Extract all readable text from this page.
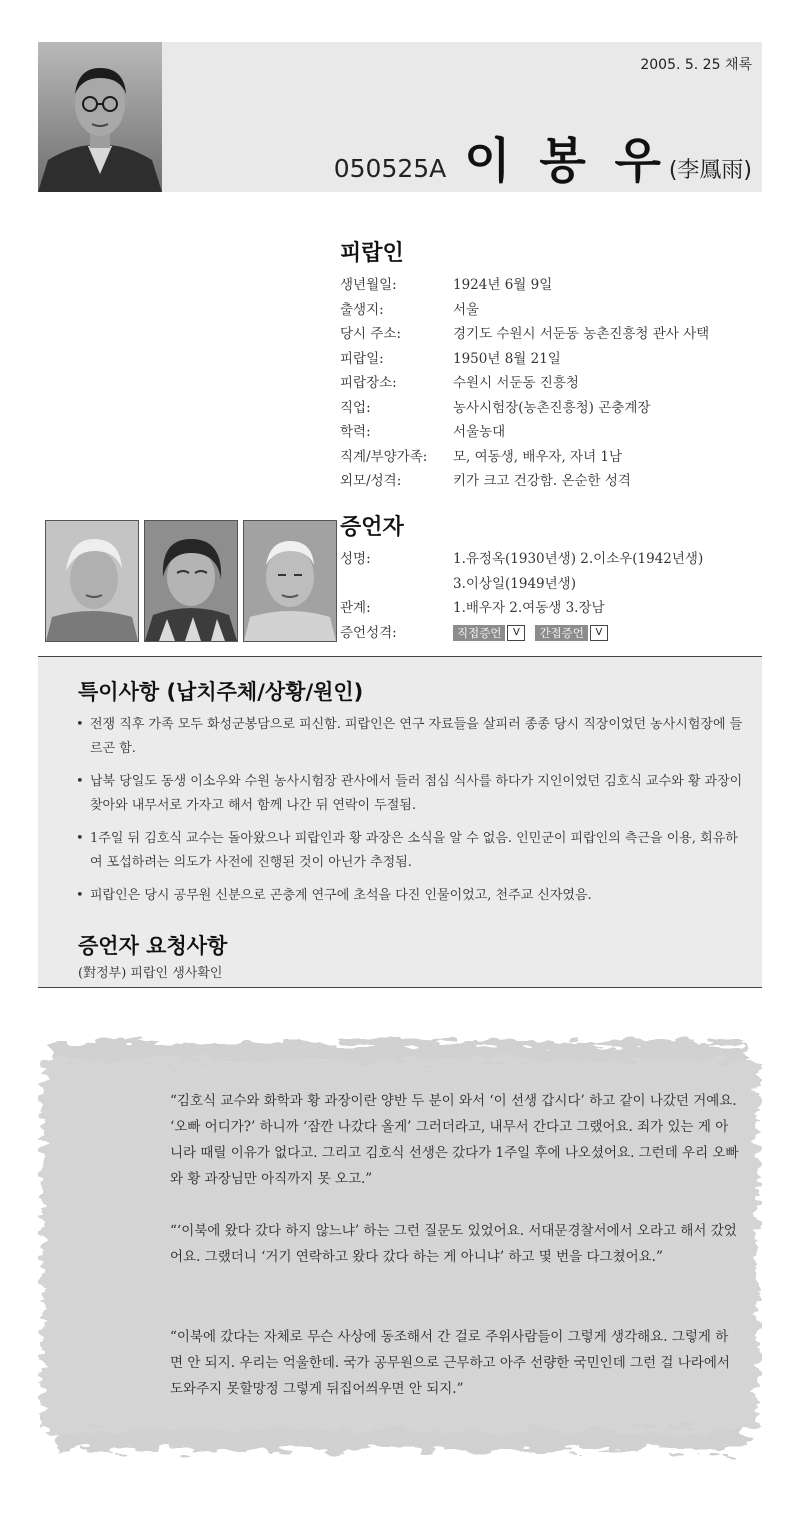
2005. 5. 25 채록
050525A 이 봉 우 (李鳳雨)
피랍인
생년월일:	1924년 6월 9일
출생지:	서울
당시 주소:	경기도 수원시 서둔동 농촌진흥청 관사 사택
피랍일:	1950년 8월 21일
피랍장소:	수원시 서둔동 진흥청
직업:	농사시험장(농촌진흥청) 곤충계장
학력:	서울농대
직계/부양가족:	모, 여동생, 배우자, 자녀 1남
외모/성격:	키가 크고 건강함. 온순한 성격
증언자
성명:	1.유정옥(1930년생) 2.이소우(1942년생)
3.이상일(1949년생)
관계:	1.배우자 2.여동생 3.장남
증언성격:	직접증언 V 간접증언 V
특이사항 (납치주체/상황/원인)
• 전쟁 직후 가족 모두 화성군봉담으로 피신함. 피랍인은 연구 자료들을 살피러 종종 당시 직장이었던 농사시험장에 들르곤 함.
• 납북 당일도 동생 이소우와 수원 농사시험장 관사에서 들러 점심 식사를 하다가 지인이었던 김호식 교수와 황 과장이 찾아와 내무서로 가자고 해서 함께 나간 뒤 연락이 두절됨.
• 1주일 뒤 김호식 교수는 돌아왔으나 피랍인과 황 과장은 소식을 알 수 없음. 인민군이 피랍인의 측근을 이용, 회유하여 포섭하려는 의도가 사전에 진행된 것이 아닌가 추정됨.
• 피랍인은 당시 공무원 신분으로 곤충계 연구에 초석을 다진 인물이었고, 천주교 신자였음.
증언자 요청사항
(對정부) 피랍인 생사확인

“김호식 교수와 화학과 황 과장이란 양반 두 분이 와서 ‘이 선생 갑시다’ 하고 같이 나갔던 거예요. ‘오빠 어디가?’ 하니까 ‘잠깐 나갔다 올게’ 그러더라고, 내무서 간다고 그랬어요. 죄가 있는 게 아니라 때릴 이유가 없다고. 그리고 김호식 선생은 갔다가 1주일 후에 나오셨어요. 그런데 우리 오빠와 황 과장님만 아직까지 못 오고.”

“‘이북에 왔다 갔다 하지 않느냐’ 하는 그런 질문도 있었어요. 서대문경찰서에서 오라고 해서 갔었어요. 그랬더니 ‘거기 연락하고 왔다 갔다 하는 게 아니냐’ 하고 몇 번을 다그쳤어요.”

“이북에 갔다는 자체로 무슨 사상에 동조해서 간 걸로 주위사람들이 그렇게 생각해요. 그렇게 하면 안 되지. 우리는 억울한데. 국가 공무원으로 근무하고 아주 선량한 국민인데 그런 걸 나라에서 도와주지 못할망정 그렇게 뒤집어씌우면 안 되지.”
